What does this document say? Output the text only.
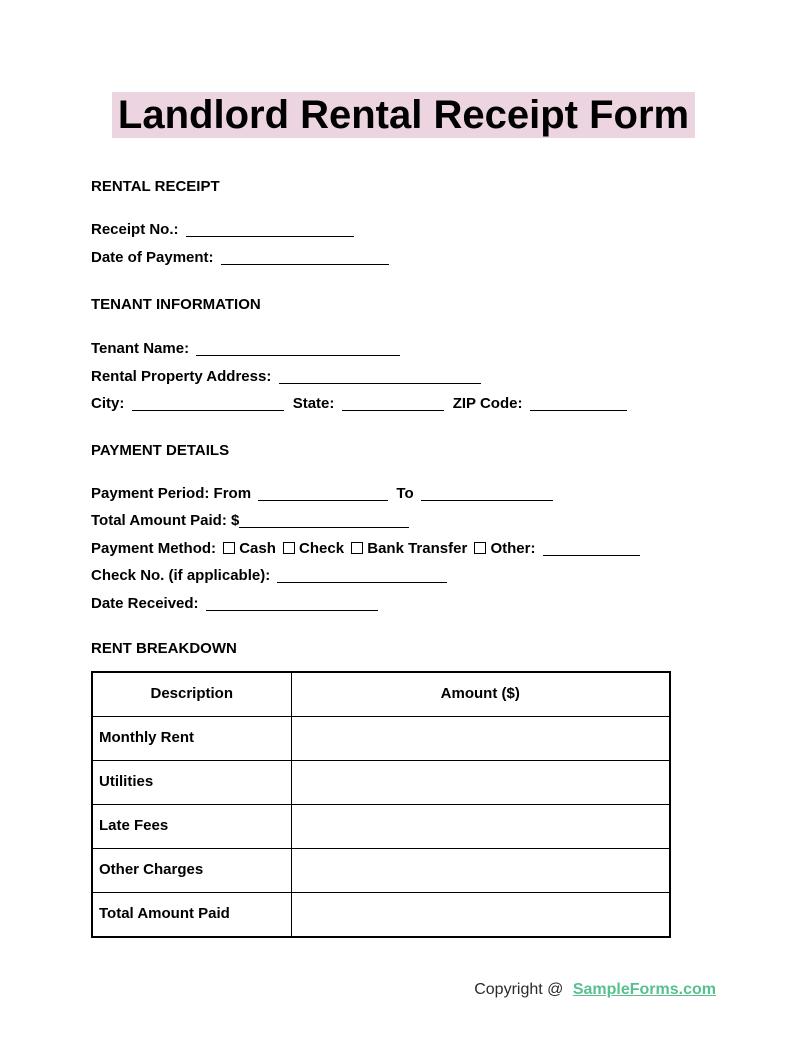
Landlord Rental Receipt Form
RENTAL RECEIPT
Receipt No.:
Date of Payment:
TENANT INFORMATION
Tenant Name:
Rental Property Address:
City:	State:	ZIP Code:
PAYMENT DETAILS
Payment Period: From	To
Total Amount Paid: $
Payment Method: Cash Check Bank Transfer Other:
Check No. (if applicable):
Date Received:
RENT BREAKDOWN
Description	Amount ($)
Monthly Rent	
Utilities	
Late Fees	
Other Charges	
Total Amount Paid	
Copyright @ SampleForms.com
